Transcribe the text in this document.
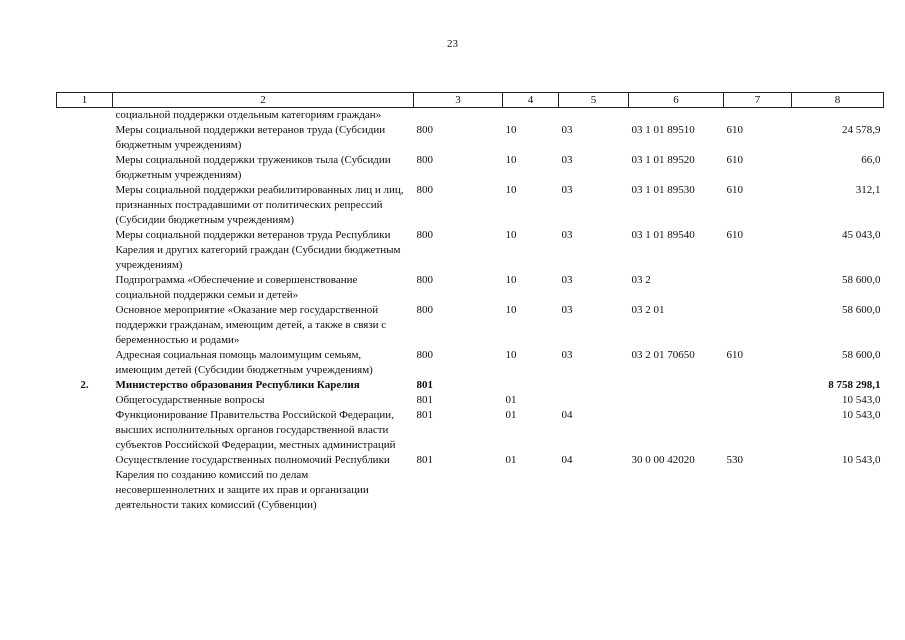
23
1	2	3	4	5	6	7	8
	социальной поддержки отдельным категориям граждан»						
	Меры социальной поддержки ветеранов труда (Субсидии бюджетным учреждениям)	800	10	03	03 1 01 89510	610	24 578,9
	Меры социальной поддержки тружеников тыла (Субсидии бюджетным учреждениям)	800	10	03	03 1 01 89520	610	66,0
	Меры социальной поддержки реабилитированных лиц и лиц, признанных пострадавшими от политических репрессий (Субсидии бюджетным учреждениям)	800	10	03	03 1 01 89530	610	312,1
	Меры социальной поддержки ветеранов труда Республики Карелия и других категорий граждан (Субсидии бюджетным учреждениям)	800	10	03	03 1 01 89540	610	45 043,0
	Подпрограмма «Обеспечение и совершенствование социальной поддержки семьи и детей»	800	10	03	03 2		58 600,0
	Основное мероприятие «Оказание мер государственной поддержки гражданам, имеющим детей, а также в связи с беременностью и родами»	800	10	03	03 2 01		58 600,0
	Адресная социальная помощь малоимущим семьям, имеющим детей (Субсидии бюджетным учреждениям)	800	10	03	03 2 01 70650	610	58 600,0
2.	Министерство образования Республики Карелия	801					8 758 298,1
	Общегосударственные вопросы	801	01				10 543,0
	Функционирование Правительства Российской Федерации, высших исполнительных органов государственной власти субъектов Российской Федерации, местных администраций	801	01	04			10 543,0
	Осуществление государственных полномочий Республики Карелия по созданию комиссий по делам несовершеннолетних и защите их прав и организации деятельности таких комиссий (Субвенции)	801	01	04	30 0 00 42020	530	10 543,0
